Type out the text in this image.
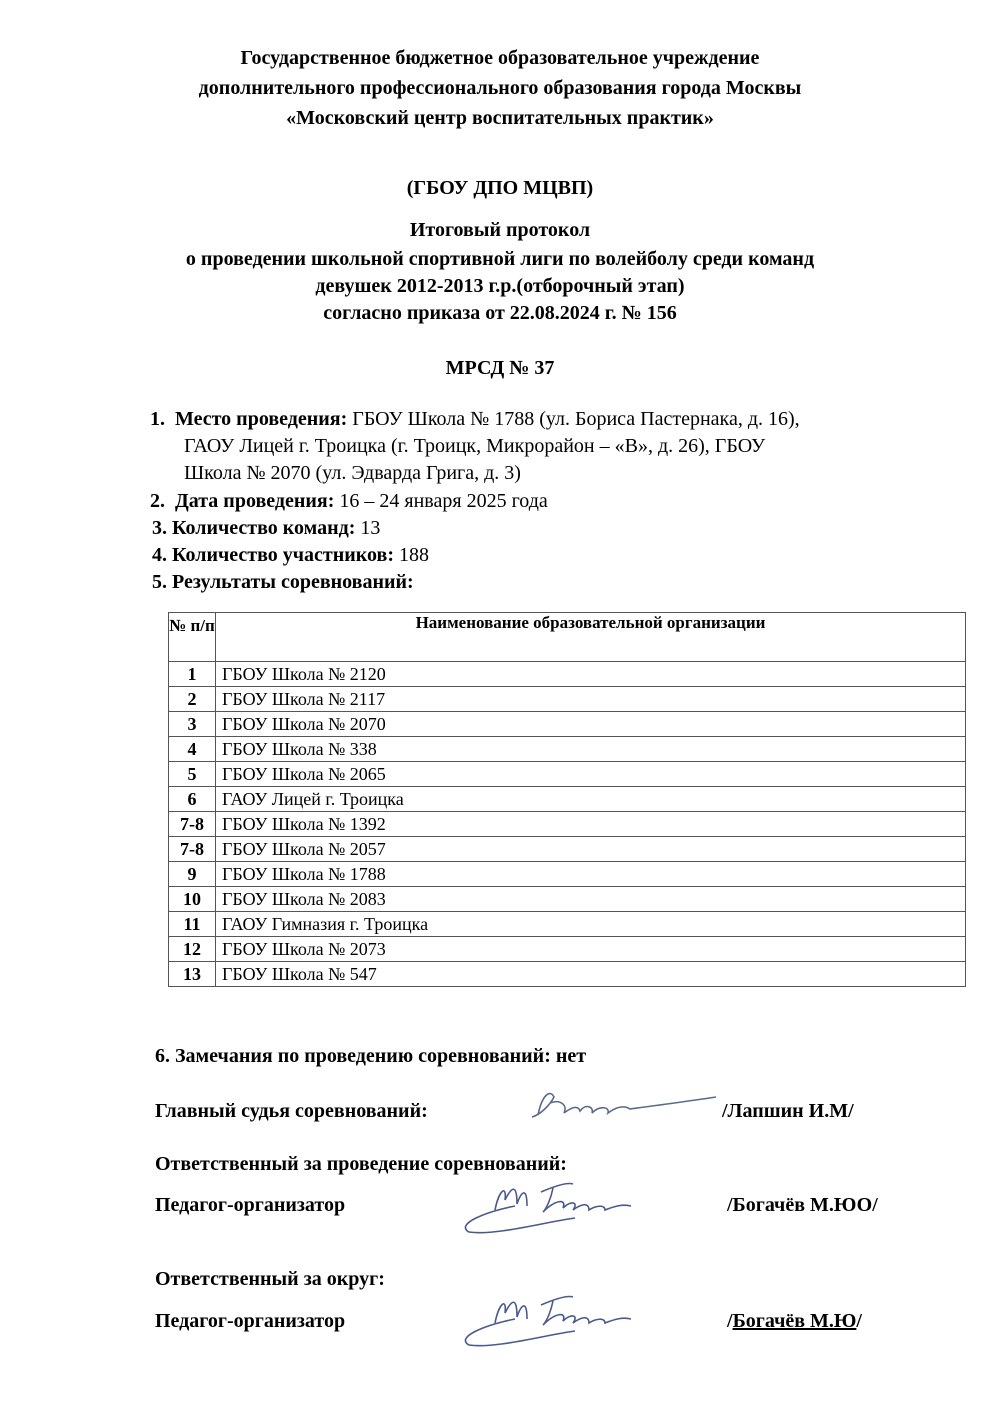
Государственное бюджетное образовательное учреждение
дополнительного профессионального образования города Москвы
«Московский центр воспитательных практик»
(ГБОУ ДПО МЦВП)
Итоговый протокол
о проведении школьной спортивной лиги по волейболу среди команд
девушек 2012-2013 г.р.(отборочный этап)
согласно приказа от 22.08.2024 г. № 156
МРСД № 37
1. Место проведения: ГБОУ Школа № 1788 (ул. Бориса Пастернака, д. 16),
ГАОУ Лицей г. Троицка (г. Троицк, Микрорайон – «В», д. 26), ГБОУ
Школа № 2070 (ул. Эдварда Грига, д. 3)
2. Дата проведения: 16 – 24 января 2025 года
3. Количество команд: 13
4. Количество участников: 188
5. Результаты соревнований:
№ п/п	Наименование образовательной организации
1	ГБОУ Школа № 2120
2	ГБОУ Школа № 2117
3	ГБОУ Школа № 2070
4	ГБОУ Школа № 338
5	ГБОУ Школа № 2065
6	ГАОУ Лицей г. Троицка
7-8	ГБОУ Школа № 1392
7-8	ГБОУ Школа № 2057
9	ГБОУ Школа № 1788
10	ГБОУ Школа № 2083
11	ГАОУ Гимназия г. Троицка
12	ГБОУ Школа № 2073
13	ГБОУ Школа № 547
6. Замечания по проведению соревнований: нет
Главный судья соревнований:	/Лапшин И.М/
Ответственный за проведение соревнований:
Педагог-организатор	/Богачёв М.ЮО/
Ответственный за округ:
Педагог-организатор	/Богачёв М.Ю/
